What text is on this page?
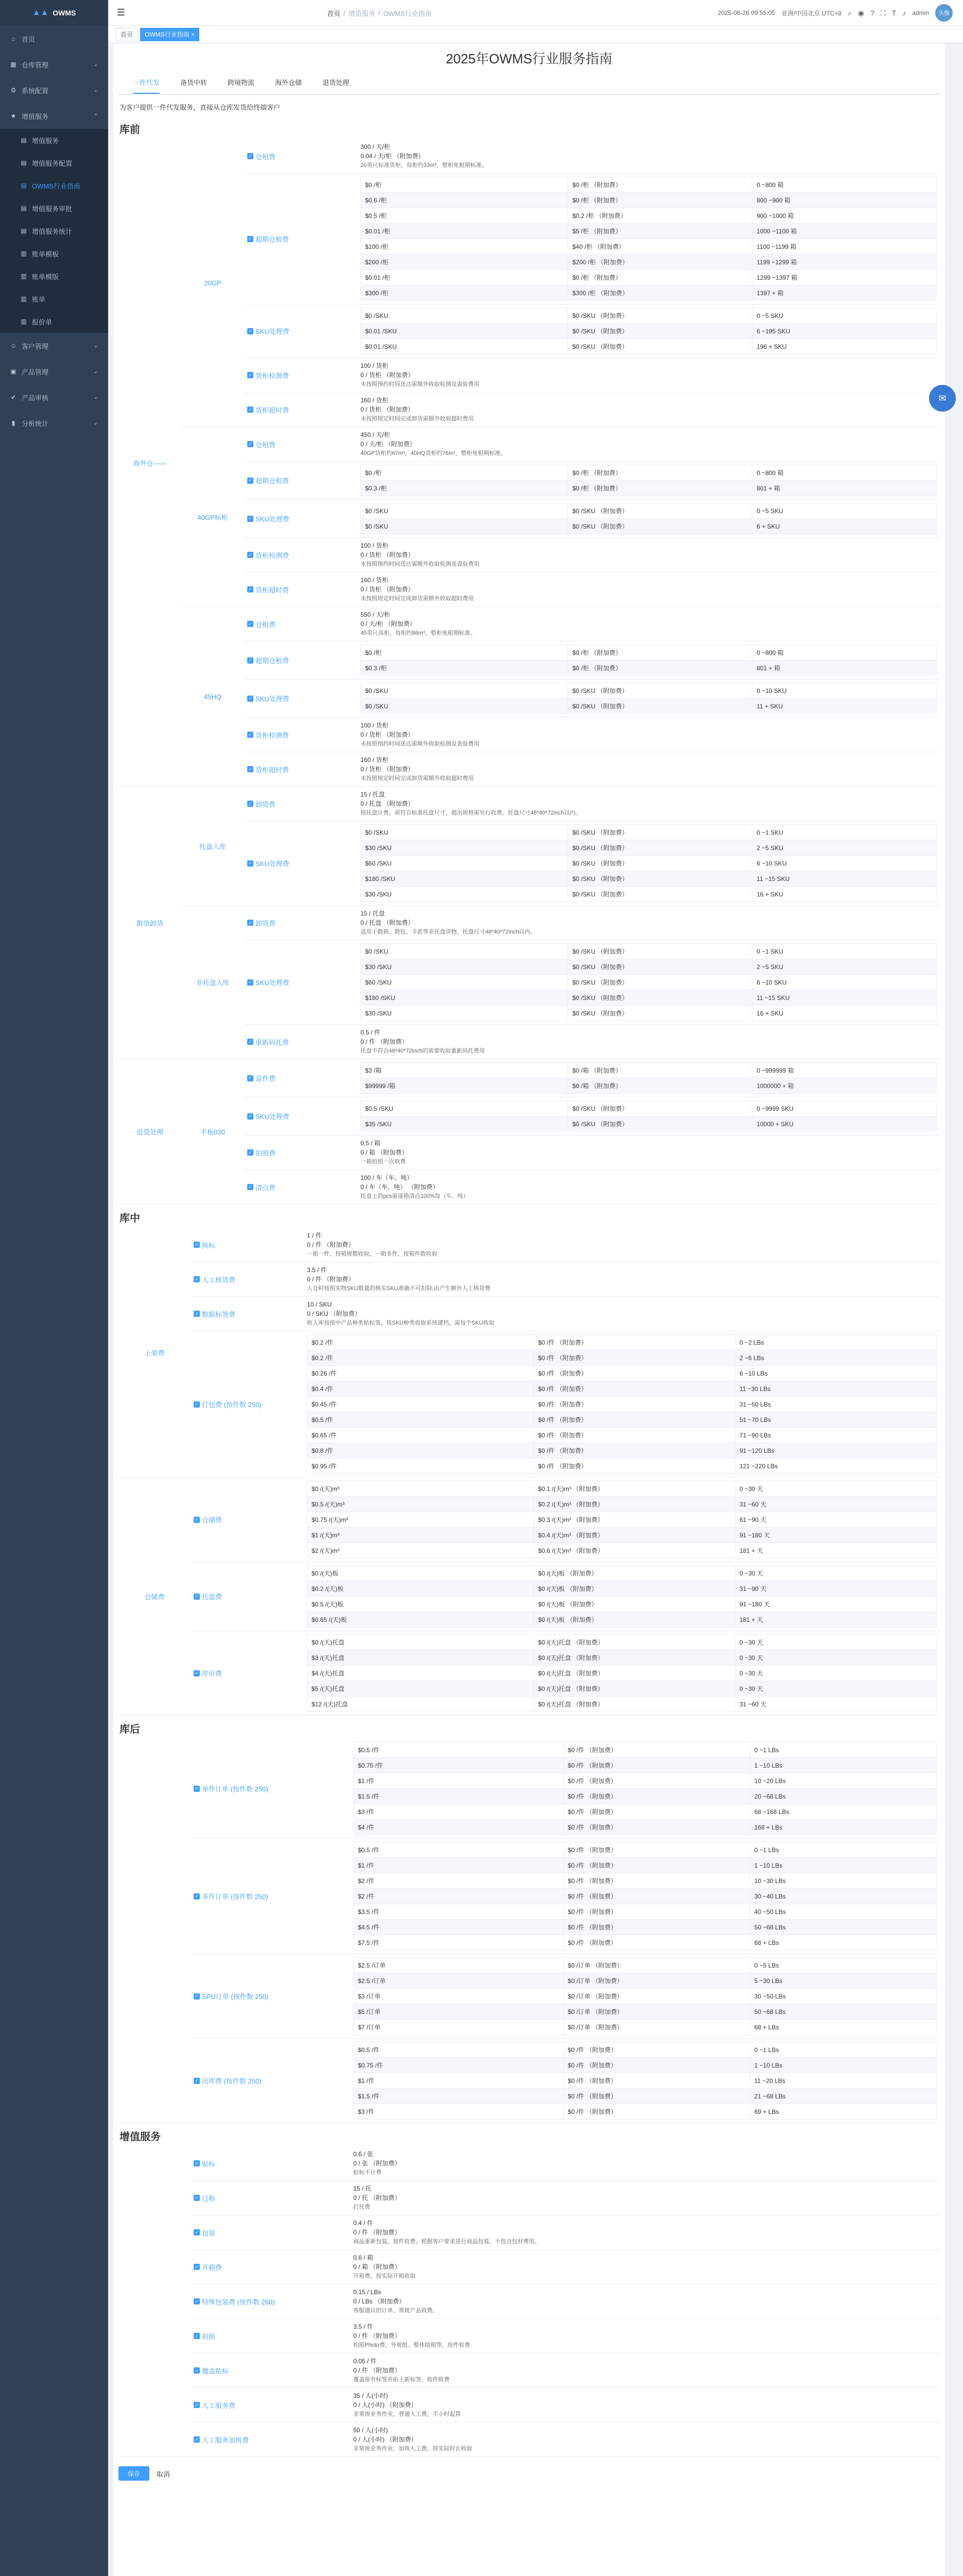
▲▲ OWMS
⌂ 首页
▦ 仓库管理	⌄
⚙ 系统配置	⌄
★ 增值服务	⌃
▤ 增值服务
▤ 增值服务配置
▤ OWMS行业指南
▤ 增值服务审批
▤ 增值服务统计
▥ 账单模板
▥ 账单模版
▥ 账单
▥ 报价单
☺ 客户管理	⌄
▣ 产品管理	⌄
✔ 产品审核	⌄
▮ 分析统计	⌄
☰	首页 / 增值服务 / OWMS行业指南	2025-06-26 09:55:05 亚洲/中国北京 UTC+8 ⌕ ◉ ? ⛶ T ♪ admin	头像
首页	OWMS行业指南 ×
2025年OWMS行业服务指南
一件代发	备货中转	跨境物流	海外仓储	退货处理
为客户提供一件代发服务，直接从仓库发货给终端客户
库前
海外仓——
20GP
✓ 仓租费
300 / 天/柜
0.04 / 天/柜 （附加费）
20英尺标准货柜，每柜约33m³，整柜免租期标准。
✓ 超期仓租费
$0 /柜	$0 /柜 （附加费）	0 ~800 箱
$0.6 /柜	$0 /柜 （附加费）	800 ~900 箱
$0.5 /柜	$0.2 /柜 （附加费）	900 ~1000 箱
$0.01 /柜	$5 /柜 （附加费）	1000 ~1100 箱
$100 /柜	$40 /柜 （附加费）	1100 ~1199 箱
$200 /柜	$200 /柜 （附加费）	1199 ~1299 箱
$0.01 /柜	$0 /柜 （附加费）	1299 ~1397 箱
$300 /柜	$300 /柜 （附加费）	1397 + 箱
✓ SKU处理费
$0 /SKU	$0 /SKU （附加费）	0 ~5 SKU
$0.01 /SKU	$0 /SKU （附加费）	6 ~195 SKU
$0.01 /SKU	$0 /SKU （附加费）	196 + SKU
✓ 货柜检测费
100 / 货柜
0 / 货柜 （附加费）
未按照预约时间送达需额外收取检测及查验费用
✓ 货柜超时费
160 / 货柜
0 / 货柜 （附加费）
未按照规定时间完成卸货需额外收取超时费用
40GP标柜
✓ 仓租费
450 / 天/柜
0 / 天/柜 （附加费）
40GP货柜约67m³，40HQ货柜约76m³，整柜免租期标准。
✓ 超期仓租费
$0 /柜	$0 /柜 （附加费）	0 ~800 箱
$0.3 /柜	$0 /柜 （附加费）	801 + 箱
✓ SKU处理费
$0 /SKU	$0 /SKU （附加费）	0 ~5 SKU
$0 /SKU	$0 /SKU （附加费）	6 + SKU
✓ 货柜检测费
100 / 货柜
0 / 货柜 （附加费）
未按照预约时间送达需额外收取检测及查验费用
✓ 货柜超时费
160 / 货柜
0 / 货柜 （附加费）
未按照规定时间完成卸货需额外收取超时费用
45HQ
✓ 仓租费
550 / 天/柜
0 / 天/柜 （附加费）
45英尺高柜，每柜约86m³，整柜免租期标准。
✓ 超期仓租费
$0 /柜	$0 /柜 （附加费）	0 ~800 箱
$0.3 /柜	$0 /柜 （附加费）	801 + 箱
✓ SKU处理费
$0 /SKU	$0 /SKU （附加费）	0 ~10 SKU
$0 /SKU	$0 /SKU （附加费）	11 + SKU
✓ 货柜检测费
100 / 货柜
0 / 货柜 （附加费）
未按照预约时间送达需额外收取检测及查验费用
✓ 货柜超时费
160 / 货柜
0 / 货柜 （附加费）
未按照规定时间完成卸货需额外收取超时费用
散货卸货
托盘入库
✓ 卸货费
15 / 托盘
0 / 托盘 （附加费）
按托盘计费，须符合标准托盘尺寸，超出规格需另行收费，托盘尺寸48*40*72inch以内。
✓ SKU处理费
$0 /SKU	$0 /SKU （附加费）	0 ~1 SKU
$30 /SKU	$0 /SKU （附加费）	2 ~5 SKU
$60 /SKU	$0 /SKU （附加费）	6 ~10 SKU
$180 /SKU	$0 /SKU （附加费）	11 ~15 SKU
$30 /SKU	$0 /SKU （附加费）	16 + SKU
非托盘入库
✓ 卸货费
15 / 托盘
0 / 托盘 （附加费）
适用于散箱、散包，卡派等非托盘货物，托盘尺寸48*40*72inch以内。
✓ SKU处理费
$0 /SKU	$0 /SKU （附加费）	0 ~1 SKU
$30 /SKU	$0 /SKU （附加费）	2 ~5 SKU
$60 /SKU	$0 /SKU （附加费）	6 ~10 SKU
$180 /SKU	$0 /SKU （附加费）	11 ~15 SKU
$30 /SKU	$0 /SKU （附加费）	16 + SKU
✓ 重新码托费
0.5 / 件
0 / 件 （附加费）
托盘不符合48*40*72inch的需要收取重新码托费用
退货处理	平板030
✓ 退件费
$3 /箱	$0 /箱 （附加费）	0 ~999999 箱
$99999 /箱	$0 /箱 （附加费）	1000000 + 箱
✓ SKU处理费
$0.5 /SKU	$0 /SKU （附加费）	0 ~9999 SKU
$35 /SKU	$0 /SKU （附加费）	10000 + SKU
✓ 拍照费
0.5 / 箱
0 / 箱 （附加费）
一箱拍照一次收费
✓ 清点费
100 / 车（车、吨）
0 / 车（车、吨） （附加费）
托盘上的pcs需逐箱清点100%每（车、吨）
库中
上架费
✓ 换标
1 / 件
0 / 件 （附加费）
一箱一件，按箱规数收取，一箱多件，按箱件数收取
✓ 人工核货费
3.5 / 件
0 / 件 （附加费）
入仓时按照实物SKU数量的核实SKU准确不可扣除,由产生额外人工核货费
✓ 数据标签费
10 / SKU
0 / SKU （附加费）
收入库按按中产品种类贴标签，按SKU种类收取系统建档，需每个SKU收取
✓ 打包费 (按件数 250)
$0.2 /件	$0 /件 （附加费）	0 ~2 LBs
$0.2 /件	$0 /件 （附加费）	2 ~6 LBs
$0.26 /件	$0 /件 （附加费）	6 ~10 LBs
$0.4 /件	$0 /件 （附加费）	11 ~30 LBs
$0.45 /件	$0 /件 （附加费）	31 ~50 LBs
$0.5 /件	$0 /件 （附加费）	51 ~70 LBs
$0.65 /件	$0 /件 （附加费）	71 ~90 LBs
$0.8 /件	$0 /件 （附加费）	91 ~120 LBs
$0.95 /件	$0 /件 （附加费）	121 ~220 LBs
仓储费
✓ 仓储费
$0 /(天)m³	$0.1 /(天)m³ （附加费）	0 ~30 天
$0.5 /(天)m³	$0.2 /(天)m³ （附加费）	31 ~60 天
$0.75 /(天)m³	$0.3 /(天)m³ （附加费）	61 ~90 天
$1 /(天)m³	$0.4 /(天)m³ （附加费）	91 ~180 天
$2 /(天)m³	$0.6 /(天)m³ （附加费）	181 + 天
✓ 托盘费
$0 /(天)板	$0 /(天)板 （附加费）	0 ~30 天
$0.2 /(天)板	$0 /(天)板 （附加费）	31 ~90 天
$0.5 /(天)板	$0 /(天)板 （附加费）	91 ~180 天
$0.65 /(天)板	$0 /(天)板 （附加费）	181 + 天
✓ 库位费
$0 /(天)托盘	$0 /(天)托盘 （附加费）	0 ~30 天
$3 /(天)托盘	$0 /(天)托盘 （附加费）	0 ~30 天
$4 /(天)托盘	$0 /(天)托盘 （附加费）	0 ~30 天
$5 /(天)托盘	$0 /(天)托盘 （附加费）	0 ~30 天
$12 /(天)托盘	$0 /(天)托盘 （附加费）	31 ~60 天
库后
✓ 单件订单 (按件数 250)
$0.5 /件	$0 /件 （附加费）	0 ~1 LBs
$0.75 /件	$0 /件 （附加费）	1 ~10 LBs
$1 /件	$0 /件 （附加费）	10 ~20 LBs
$1.5 /件	$0 /件 （附加费）	20 ~68 LBs
$3 /件	$0 /件 （附加费）	68 ~168 LBs
$4 /件	$0 /件 （附加费）	168 + LBs
✓ 多件订单 (按件数 250)
$0.5 /件	$0 /件 （附加费）	0 ~1 LBs
$1 /件	$0 /件 （附加费）	1 ~10 LBs
$2 /件	$0 /件 （附加费）	10 ~30 LBs
$2 /件	$0 /件 （附加费）	30 ~40 LBs
$3.5 /件	$0 /件 （附加费）	40 ~50 LBs
$4.5 /件	$0 /件 （附加费）	50 ~68 LBs
$7.5 /件	$0 /件 （附加费）	68 + LBs
✓ SPU订单 (按件数 250)
$2.5 /订单	$0 /订单 （附加费）	0 ~5 LBs
$2.5 /订单	$0 /订单 （附加费）	5 ~30 LBs
$3 /订单	$0 /订单 （附加费）	30 ~50 LBs
$5 /订单	$0 /订单 （附加费）	50 ~68 LBs
$7 /订单	$0 /订单 （附加费）	68 + LBs
✓ 出库费 (按件数 250)
$0.5 /件	$0 /件 （附加费）	0 ~1 LBs
$0.75 /件	$0 /件 （附加费）	1 ~10 LBs
$1 /件	$0 /件 （附加费）	11 ~20 LBs
$1.5 /件	$0 /件 （附加费）	21 ~68 LBs
$3 /件	$0 /件 （附加费）	69 + LBs
增值服务
✓ 贴标
0.6 / 张
0 / 张 （附加费）
贴标不计费
✓ 过称
15 / 托
0 / 托 （附加费）
打托费
✓ 包装
0.4 / 件
0 / 件 （附加费）
商品重新包装，按件收费，根据客户要求进行商品包装，不包含包材费用。
✓ 开箱费
0.6 / 箱
0 / 箱 （附加费）
开箱费，按实际开箱收取
✓ 特殊包装费 (按件数 260)
0.15 / LBs
0 / LBs （附加费）
客服建议的订单，常规产品收费。
✓ 拍照
3.5 / 件
0 / 件 （附加费）
拍照Photo费，外观组、整体组照等，按件收费
✓ 覆盖贴标
0.05 / 件
0 / 件 （附加费）
覆盖原有标签并贴上新标签，按件收费
✓ 人工服务费
35 / 人(小时)
0 / 人(小时) （附加费）
非常规业务作业，普通人工费，半小时起算
✓ 人工服务加班费
50 / 人(小时)
0 / 人(小时) （附加费）
非常规业务作业，加班人工费，按实际时长收取
保存	取消
✉
